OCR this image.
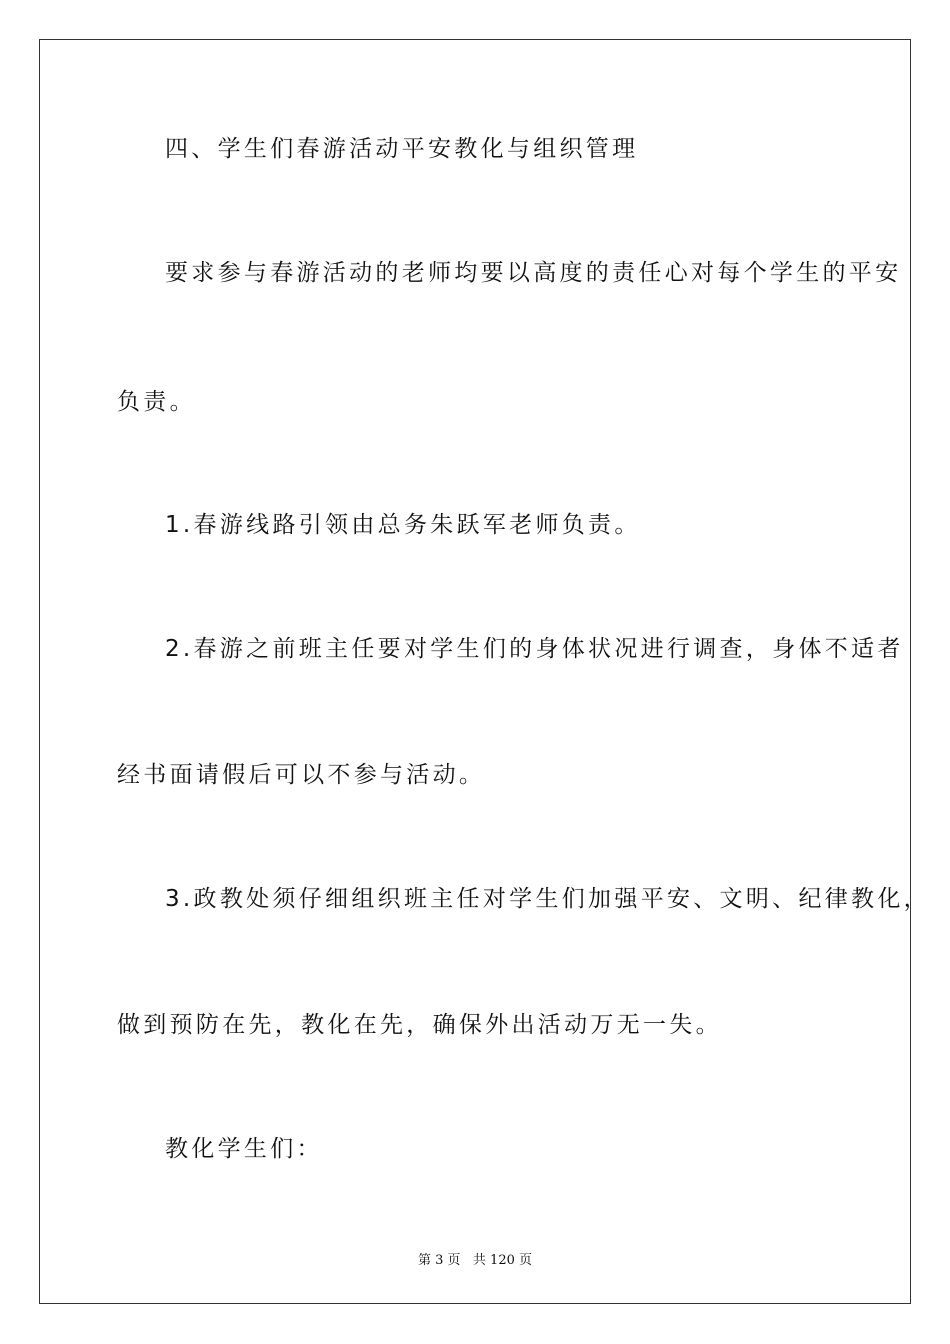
四、学生们春游活动平安教化与组织管理
要求参与春游活动的老师均要以高度的责任心对每个学生的平安
负责。
1.春游线路引领由总务朱跃军老师负责。
2.春游之前班主任要对学生们的身体状况进行调查，身体不适者
经书面请假后可以不参与活动。
3.政教处须仔细组织班主任对学生们加强平安、文明、纪律教化，
做到预防在先，教化在先，确保外出活动万无一失。
教化学生们：
第 3 页   共 120 页
